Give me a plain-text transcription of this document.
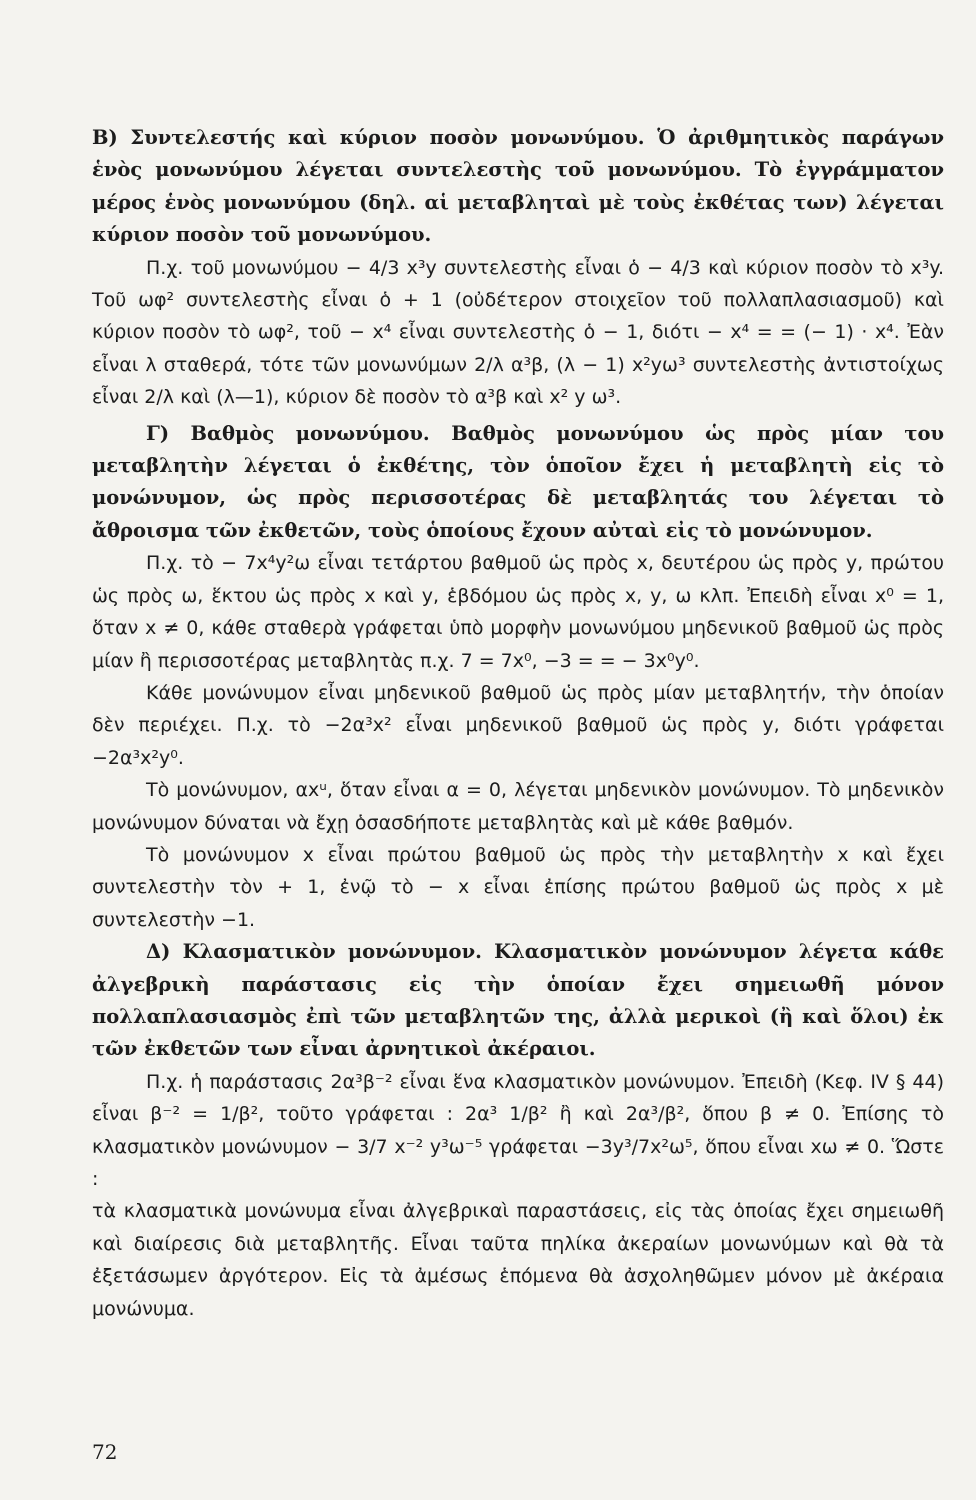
Β) Συντελεστής καὶ κύριον ποσὸν μονωνύμου. Ὁ ἀριθμητικὸς παράγων ἑνὸς μονωνύμου λέγεται συντελεστὴς τοῦ μονωνύμου. Τὸ ἐγγράμματον μέρος ἑνὸς μονωνύμου (δηλ. αἱ μεταβληταὶ μὲ τοὺς ἐκθέτας των) λέγεται κύριον ποσὸν τοῦ μονωνύμου.

Π.χ. τοῦ μονωνύμου − 4/3 x³y συντελεστὴς εἶναι ὁ − 4/3 καὶ κύριον ποσὸν τὸ x³y. Τοῦ ωφ² συντελεστὴς εἶναι ὁ + 1 (οὐδέτερον στοιχεῖον τοῦ πολλαπλασιασμοῦ) καὶ κύριον ποσὸν τὸ ωφ², τοῦ − x⁴ εἶναι συντελεστὴς ὁ − 1, διότι − x⁴ = = (− 1) · x⁴. Ἐὰν εἶναι λ σταθερά, τότε τῶν μονωνύμων 2/λ α³β, (λ − 1) x²yω³ συντελεστὴς ἀντιστοίχως εἶναι 2/λ καὶ (λ—1), κύριον δὲ ποσὸν τὸ α³β καὶ x² y ω³.

Γ) Βαθμὸς μονωνύμου. Βαθμὸς μονωνύμου ὡς πρὸς μίαν του μεταβλητὴν λέγεται ὁ ἐκθέτης, τὸν ὁποῖον ἔχει ἡ μεταβλητὴ εἰς τὸ μονώνυμον, ὡς πρὸς περισσοτέρας δὲ μεταβλητάς του λέγεται τὸ ἄθροισμα τῶν ἐκθετῶν, τοὺς ὁποίους ἔχουν αὐταὶ εἰς τὸ μονώνυμον.

Π.χ. τὸ − 7x⁴y²ω εἶναι τετάρτου βαθμοῦ ὡς πρὸς x, δευτέρου ὡς πρὸς y, πρώτου ὡς πρὸς ω, ἕκτου ὡς πρὸς x καὶ y, ἑβδόμου ὡς πρὸς x, y, ω κλπ. Ἐπειδὴ εἶναι x⁰ = 1, ὅταν x ≠ 0, κάθε σταθερὰ γράφεται ὑπὸ μορφὴν μονωνύμου μηδενικοῦ βαθμοῦ ὡς πρὸς μίαν ἢ περισσοτέρας μεταβλητὰς π.χ. 7 = 7x⁰, −3 = = − 3x⁰y⁰.

Κάθε μονώνυμον εἶναι μηδενικοῦ βαθμοῦ ὡς πρὸς μίαν μεταβλητήν, τὴν ὁποίαν δὲν περιέχει. Π.χ. τὸ −2α³x² εἶναι μηδενικοῦ βαθμοῦ ὡς πρὸς y, διότι γράφεται −2α³x²y⁰.

Τὸ μονώνυμον, αxᵘ, ὅταν εἶναι α = 0, λέγεται μηδενικὸν μονώνυμον. Τὸ μηδενικὸν μονώνυμον δύναται νὰ ἔχῃ ὁσασδήποτε μεταβλητὰς καὶ μὲ κάθε βαθμόν.

Τὸ μονώνυμον x εἶναι πρώτου βαθμοῦ ὡς πρὸς τὴν μεταβλητὴν x καὶ ἔχει συντελεστὴν τὸν + 1, ἐνῷ τὸ − x εἶναι ἐπίσης πρώτου βαθμοῦ ὡς πρὸς x μὲ συντελεστὴν −1.

Δ) Κλασματικὸν μονώνυμον. Κλασματικὸν μονώνυμον λέγετα κάθε ἀλγεβρικὴ παράστασις εἰς τὴν ὁποίαν ἔχει σημειωθῆ μόνον πολλαπλασιασμὸς ἐπὶ τῶν μεταβλητῶν της, ἀλλὰ μερικοὶ (ἢ καὶ ὅλοι) ἐκ τῶν ἐκθετῶν των εἶναι ἀρνητικοὶ ἀκέραιοι.

Π.χ. ἡ παράστασις 2α³β⁻² εἶναι ἕνα κλασματικὸν μονώνυμον. Ἐπειδὴ (Κεφ. IV § 44) εἶναι β⁻² = 1/β², τοῦτο γράφεται : 2α³ 1/β² ἢ καὶ 2α³/β², ὅπου β ≠ 0. Ἐπίσης τὸ κλασματικὸν μονώνυμον − 3/7 x⁻² y³ω⁻⁵ γράφεται −3y³/7x²ω⁵, ὅπου εἶναι xω ≠ 0. Ὥστε :

τὰ κλασματικὰ μονώνυμα εἶναι ἀλγεβρικαὶ παραστάσεις, εἰς τὰς ὁποίας ἔχει σημειωθῆ καὶ διαίρεσις διὰ μεταβλητῆς. Εἶναι ταῦτα πηλίκα ἀκεραίων μονωνύμων καὶ θὰ τὰ ἐξετάσωμεν ἀργότερον. Εἰς τὰ ἀμέσως ἑπόμενα θὰ ἀσχοληθῶμεν μόνον μὲ ἀκέραια μονώνυμα.

72
